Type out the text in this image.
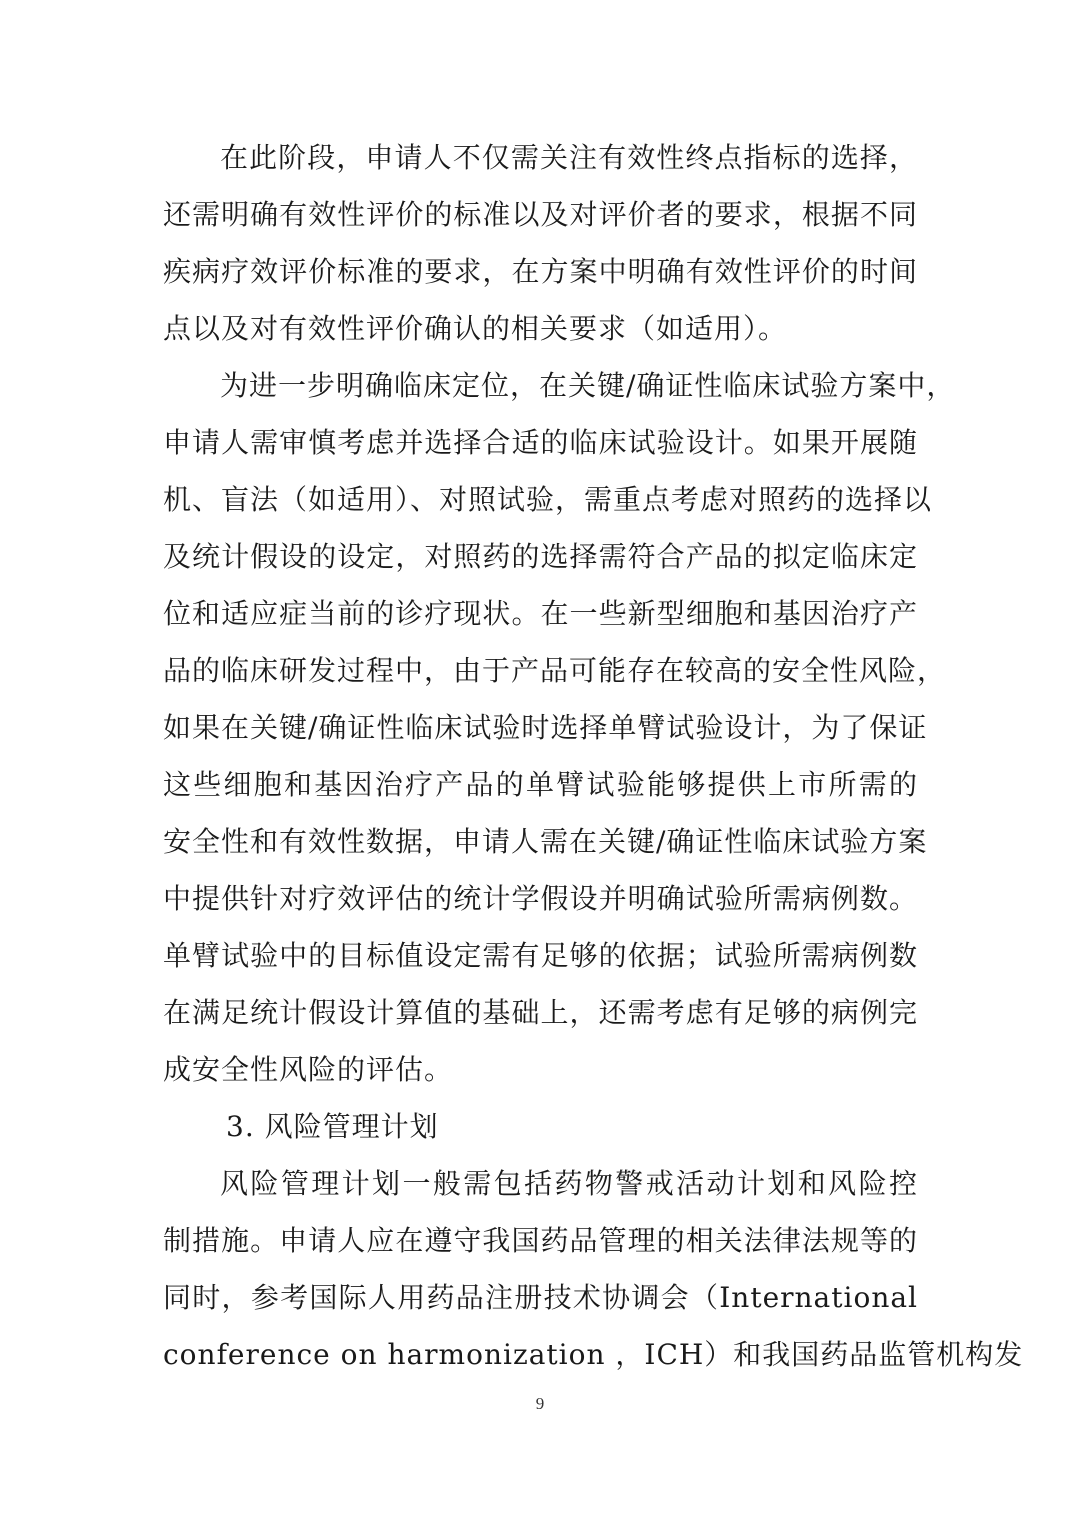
在此阶段，申请人不仅需关注有效性终点指标的选择，
还需明确有效性评价的标准以及对评价者的要求，根据不同
疾病疗效评价标准的要求，在方案中明确有效性评价的时间
点以及对有效性评价确认的相关要求（如适用）。
为进一步明确临床定位，在关键/确证性临床试验方案中，
申请人需审慎考虑并选择合适的临床试验设计。如果开展随
机、盲法（如适用）、对照试验，需重点考虑对照药的选择以
及统计假设的设定，对照药的选择需符合产品的拟定临床定
位和适应症当前的诊疗现状。在一些新型细胞和基因治疗产
品的临床研发过程中，由于产品可能存在较高的安全性风险，
如果在关键/确证性临床试验时选择单臂试验设计，为了保证
这些细胞和基因治疗产品的单臂试验能够提供上市所需的
安全性和有效性数据，申请人需在关键/确证性临床试验方案
中提供针对疗效评估的统计学假设并明确试验所需病例数。
单臂试验中的目标值设定需有足够的依据；试验所需病例数
在满足统计假设计算值的基础上，还需考虑有足够的病例完
成安全性风险的评估。
3. 风险管理计划
风险管理计划一般需包括药物警戒活动计划和风险控
制措施。申请人应在遵守我国药品管理的相关法律法规等的
同时，参考国际人用药品注册技术协调会（International
conference on harmonization ，ICH）和我国药品监管机构发
9
